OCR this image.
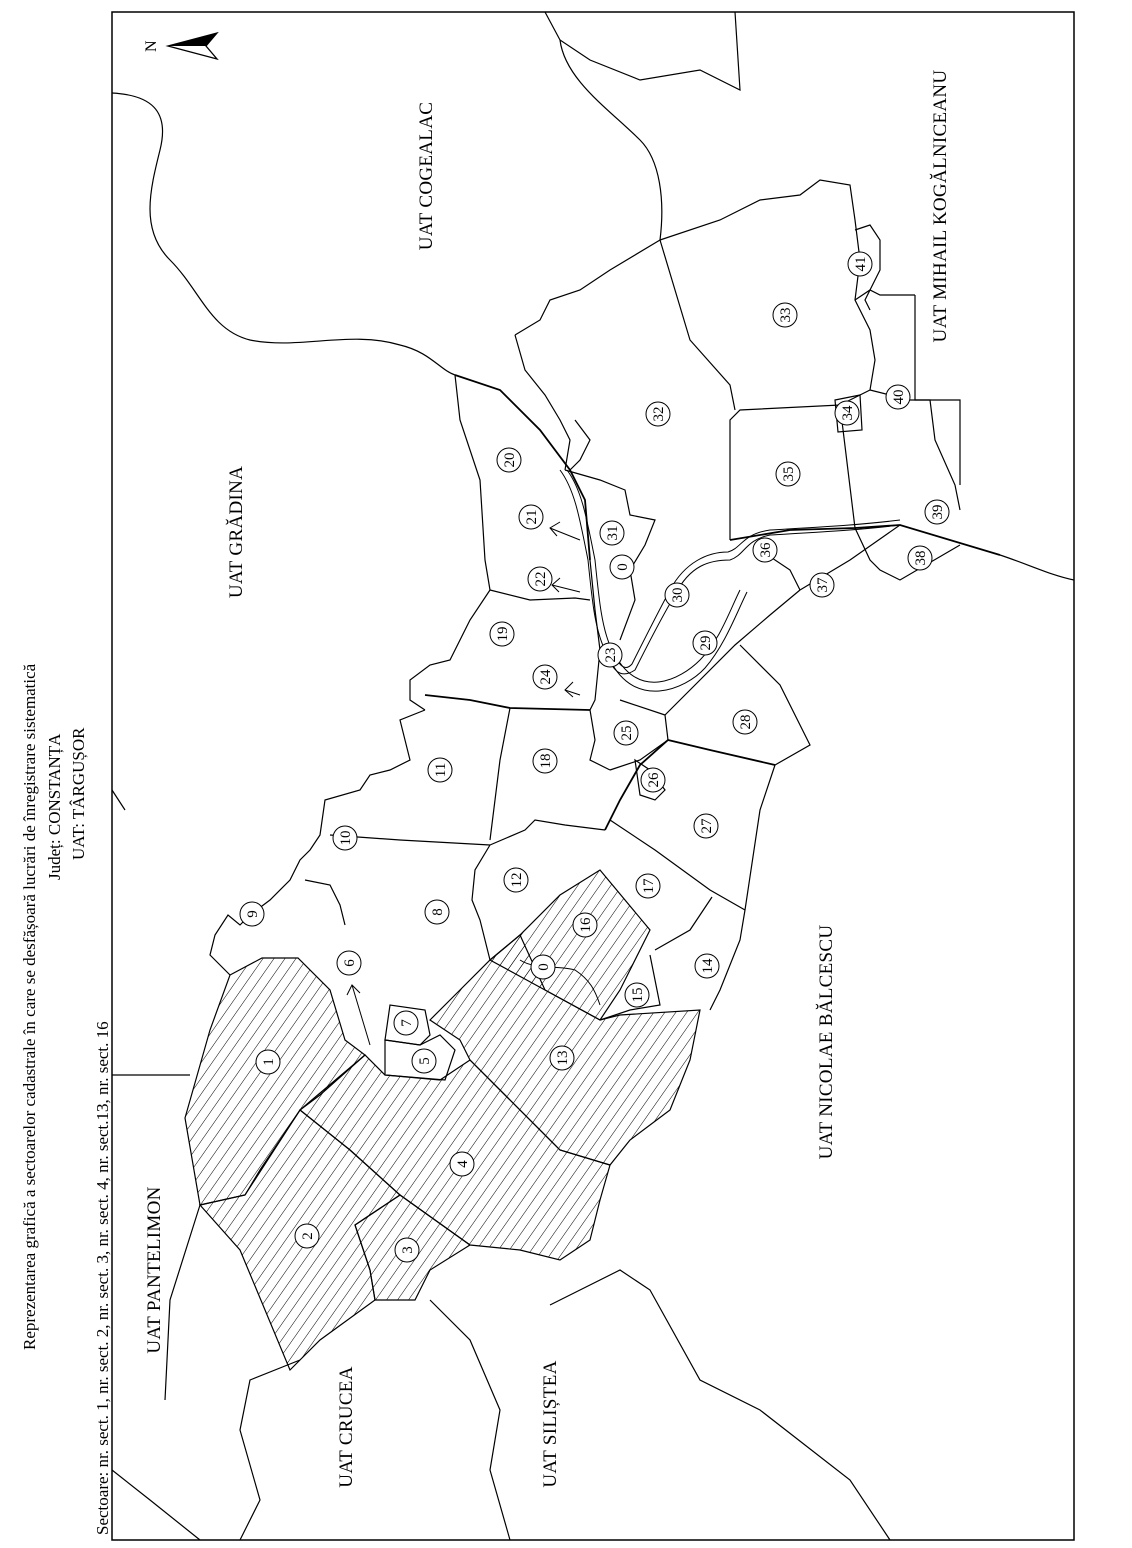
Reprezentarea grafică a sectoarelor cadastrale în care se desfășoară lucrări de înregistrare sistematică Județ: CONSTANȚA UAT: TÂRGUȘOR
Sectoare: nr. sect. 1, nr. sect. 2, nr. sect. 3, nr. sect. 4, nr. sect.13, nr. sect. 16
N
1
2
3
4
5
6
7
8
9
10
11
12
13
14
15
16
17
18
19
20
21
22
23
24
25
26
27
28
29
30
31
32
33
34
35
36
37
38
39
40
41
0
0
UAT GRĂDINA
UAT COGEALAC	UAT MIHAIL KOGĂLNICEANU
UAT PANTELIMON
UAT CRUCEA	UAT SILIȘTEA
UAT NICOLAE BĂLCESCU
